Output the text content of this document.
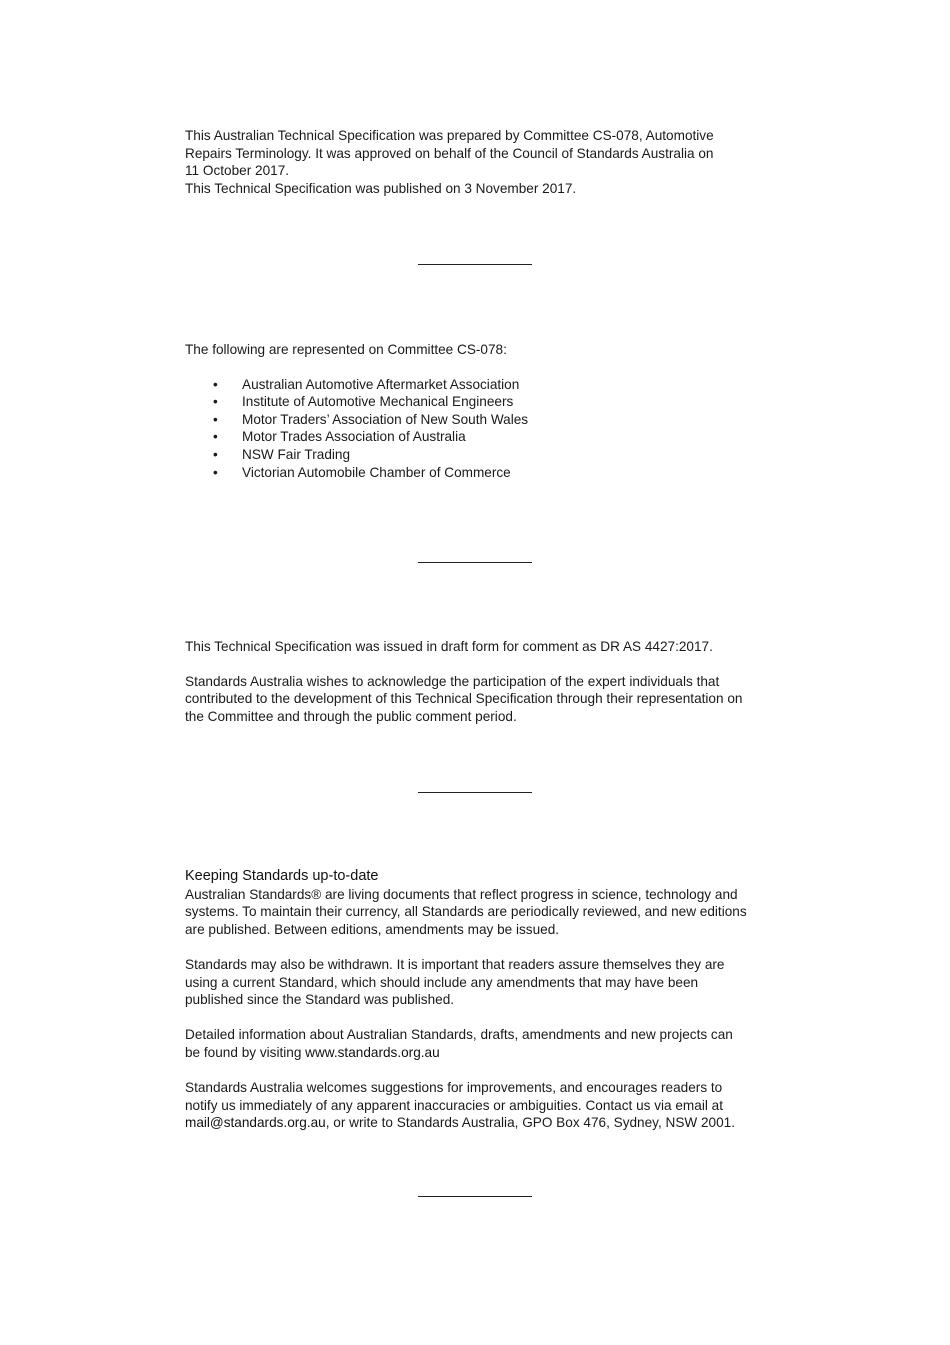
This Australian Technical Specification was prepared by Committee CS-078, Automotive

Repairs Terminology. It was approved on behalf of the Council of Standards Australia on

11 October 2017.

This Technical Specification was published on 3 November 2017.

The following are represented on Committee CS-078:

• Australian Automotive Aftermarket Association
• Institute of Automotive Mechanical Engineers
• Motor Traders’ Association of New South Wales
• Motor Trades Association of Australia
• NSW Fair Trading
• Victorian Automobile Chamber of Commerce

This Technical Specification was issued in draft form for comment as DR AS 4427:2017.

Standards Australia wishes to acknowledge the participation of the expert individuals that

contributed to the development of this Technical Specification through their representation on

the Committee and through the public comment period.

Keeping Standards up-to-date

Australian Standards® are living documents that reflect progress in science, technology and

systems. To maintain their currency, all Standards are periodically reviewed, and new editions

are published. Between editions, amendments may be issued.

Standards may also be withdrawn. It is important that readers assure themselves they are

using a current Standard, which should include any amendments that may have been

published since the Standard was published.

Detailed information about Australian Standards, drafts, amendments and new projects can

be found by visiting www.standards.org.au

Standards Australia welcomes suggestions for improvements, and encourages readers to

notify us immediately of any apparent inaccuracies or ambiguities. Contact us via email at

mail@standards.org.au, or write to Standards Australia, GPO Box 476, Sydney, NSW 2001.
